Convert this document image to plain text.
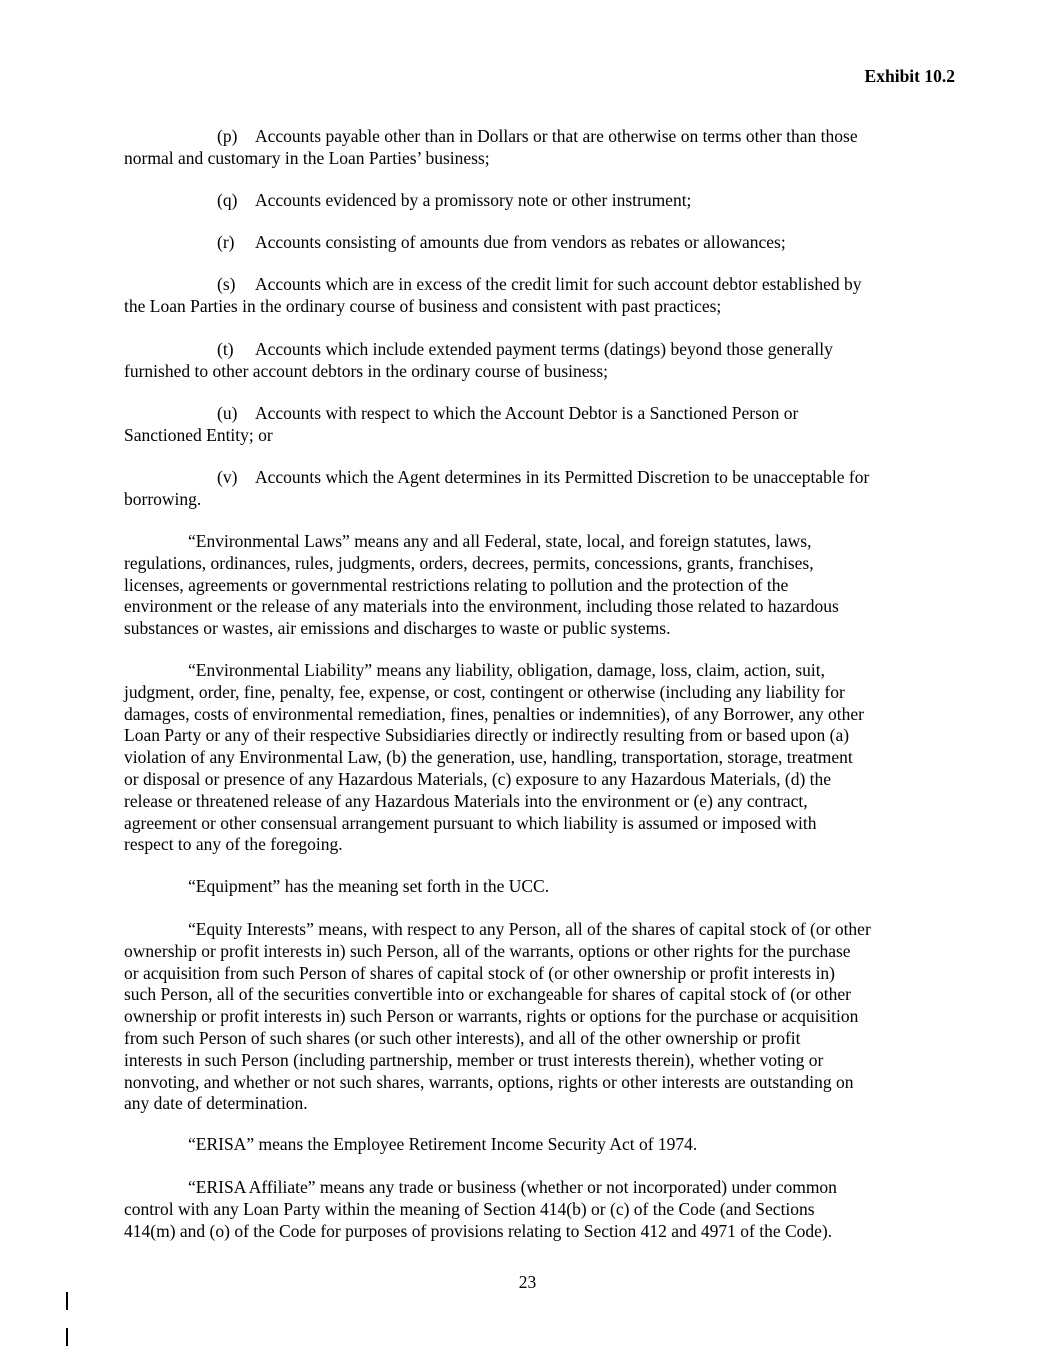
Exhibit 10.2
(p) Accounts payable other than in Dollars or that are otherwise on terms other than those
normal and customary in the Loan Parties’ business;
(q) Accounts evidenced by a promissory note or other instrument;
(r) Accounts consisting of amounts due from vendors as rebates or allowances;
(s) Accounts which are in excess of the credit limit for such account debtor established by
the Loan Parties in the ordinary course of business and consistent with past practices;
(t) Accounts which include extended payment terms (datings) beyond those generally
furnished to other account debtors in the ordinary course of business;
(u) Accounts with respect to which the Account Debtor is a Sanctioned Person or
Sanctioned Entity; or
(v) Accounts which the Agent determines in its Permitted Discretion to be unacceptable for
borrowing.
“Environmental Laws” means any and all Federal, state, local, and foreign statutes, laws,
regulations, ordinances, rules, judgments, orders, decrees, permits, concessions, grants, franchises,
licenses, agreements or governmental restrictions relating to pollution and the protection of the
environment or the release of any materials into the environment, including those related to hazardous
substances or wastes, air emissions and discharges to waste or public systems.
“Environmental Liability” means any liability, obligation, damage, loss, claim, action, suit,
judgment, order, fine, penalty, fee, expense, or cost, contingent or otherwise (including any liability for
damages, costs of environmental remediation, fines, penalties or indemnities), of any Borrower, any other
Loan Party or any of their respective Subsidiaries directly or indirectly resulting from or based upon (a)
violation of any Environmental Law, (b) the generation, use, handling, transportation, storage, treatment
or disposal or presence of any Hazardous Materials, (c) exposure to any Hazardous Materials, (d) the
release or threatened release of any Hazardous Materials into the environment or (e) any contract,
agreement or other consensual arrangement pursuant to which liability is assumed or imposed with
respect to any of the foregoing.
“Equipment” has the meaning set forth in the UCC.
“Equity Interests” means, with respect to any Person, all of the shares of capital stock of (or other
ownership or profit interests in) such Person, all of the warrants, options or other rights for the purchase
or acquisition from such Person of shares of capital stock of (or other ownership or profit interests in)
such Person, all of the securities convertible into or exchangeable for shares of capital stock of (or other
ownership or profit interests in) such Person or warrants, rights or options for the purchase or acquisition
from such Person of such shares (or such other interests), and all of the other ownership or profit
interests in such Person (including partnership, member or trust interests therein), whether voting or
nonvoting, and whether or not such shares, warrants, options, rights or other interests are outstanding on
any date of determination.
“ERISA” means the Employee Retirement Income Security Act of 1974.
“ERISA Affiliate” means any trade or business (whether or not incorporated) under common
control with any Loan Party within the meaning of Section 414(b) or (c) of the Code (and Sections
414(m) and (o) of the Code for purposes of provisions relating to Section 412 and 4971 of the Code).
23
